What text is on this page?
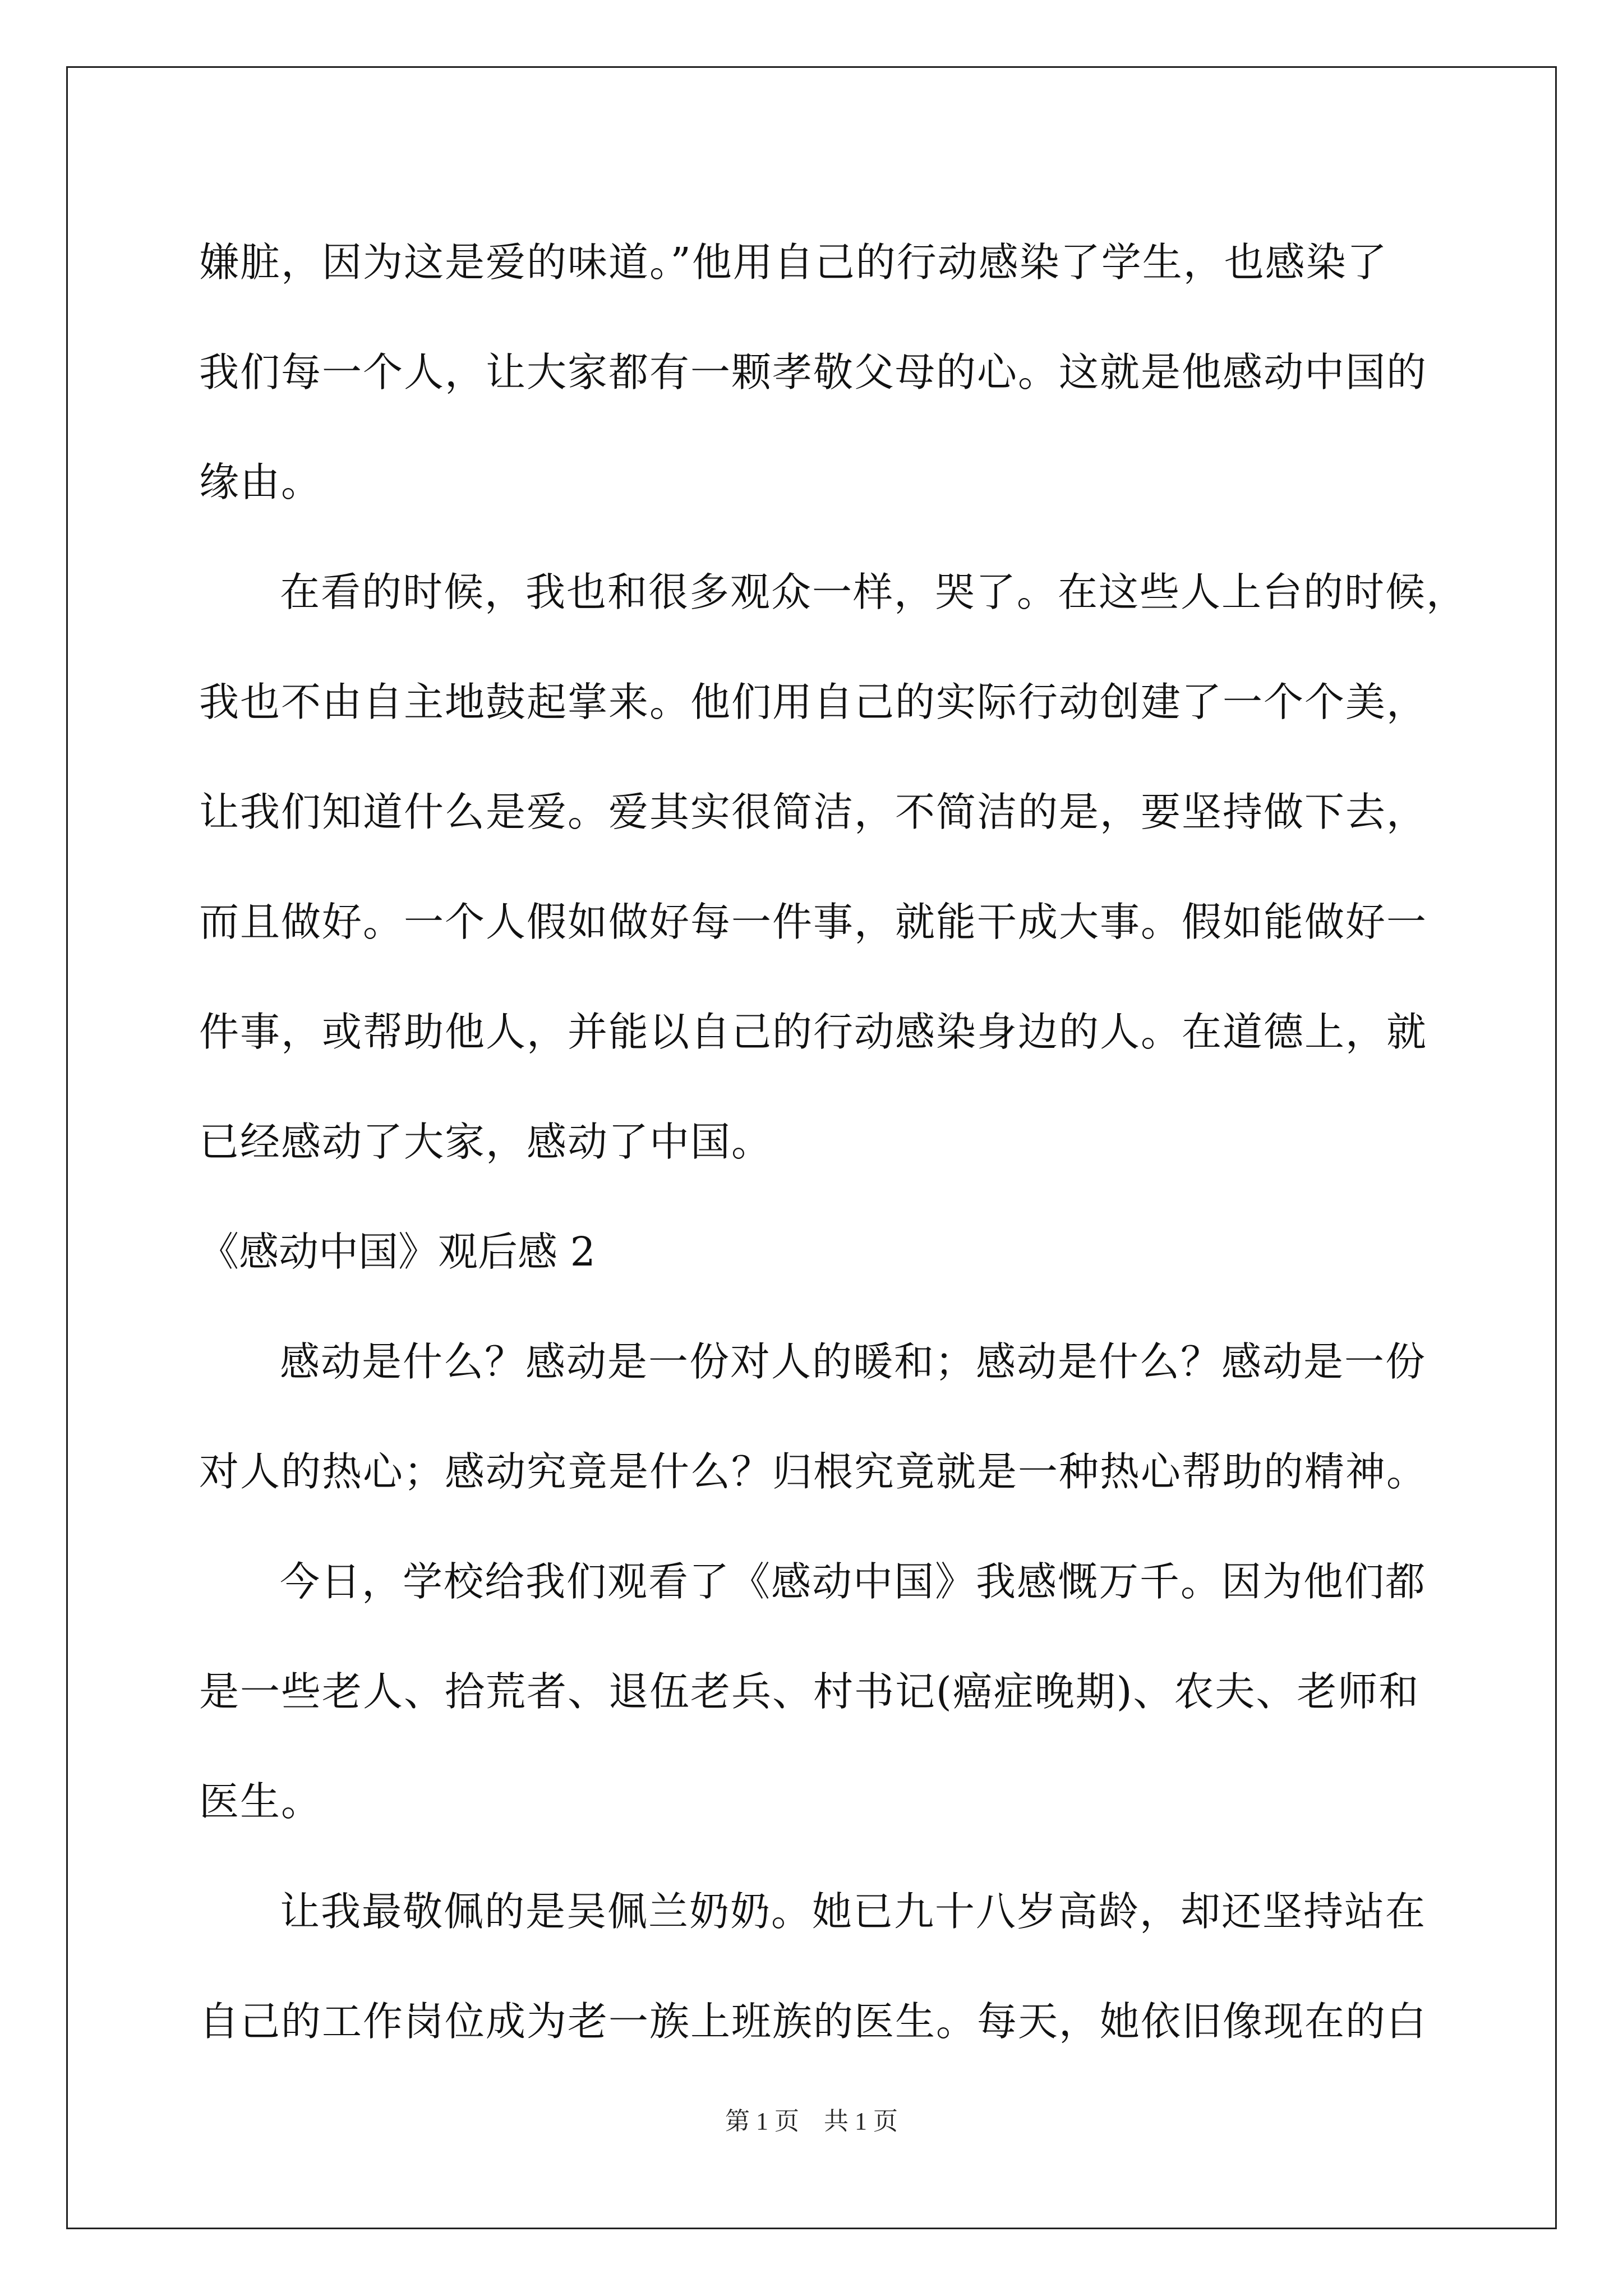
嫌脏，因为这是爱的味道。”他用自己的行动感染了学生，也感染了
我们每一个人，让大家都有一颗孝敬父母的心。这就是他感动中国的
缘由。
在看的时候，我也和很多观众一样，哭了。在这些人上台的时候，
我也不由自主地鼓起掌来。他们用自己的实际行动创建了一个个美，
让我们知道什么是爱。爱其实很简洁，不简洁的是，要坚持做下去，
而且做好。一个人假如做好每一件事，就能干成大事。假如能做好一
件事，或帮助他人，并能以自己的行动感染身边的人。在道德上，就
已经感动了大家，感动了中国。
《感动中国》观后感 2
感动是什么？感动是一份对人的暖和；感动是什么？感动是一份
对人的热心；感动究竟是什么？归根究竟就是一种热心帮助的精神。
今日，学校给我们观看了《感动中国》我感慨万千。因为他们都
是一些老人、拾荒者、退伍老兵、村书记(癌症晚期)、农夫、老师和
医生。
让我最敬佩的是吴佩兰奶奶。她已九十八岁高龄，却还坚持站在
自己的工作岗位成为老一族上班族的医生。每天，她依旧像现在的白
第 1 页　共 1 页
